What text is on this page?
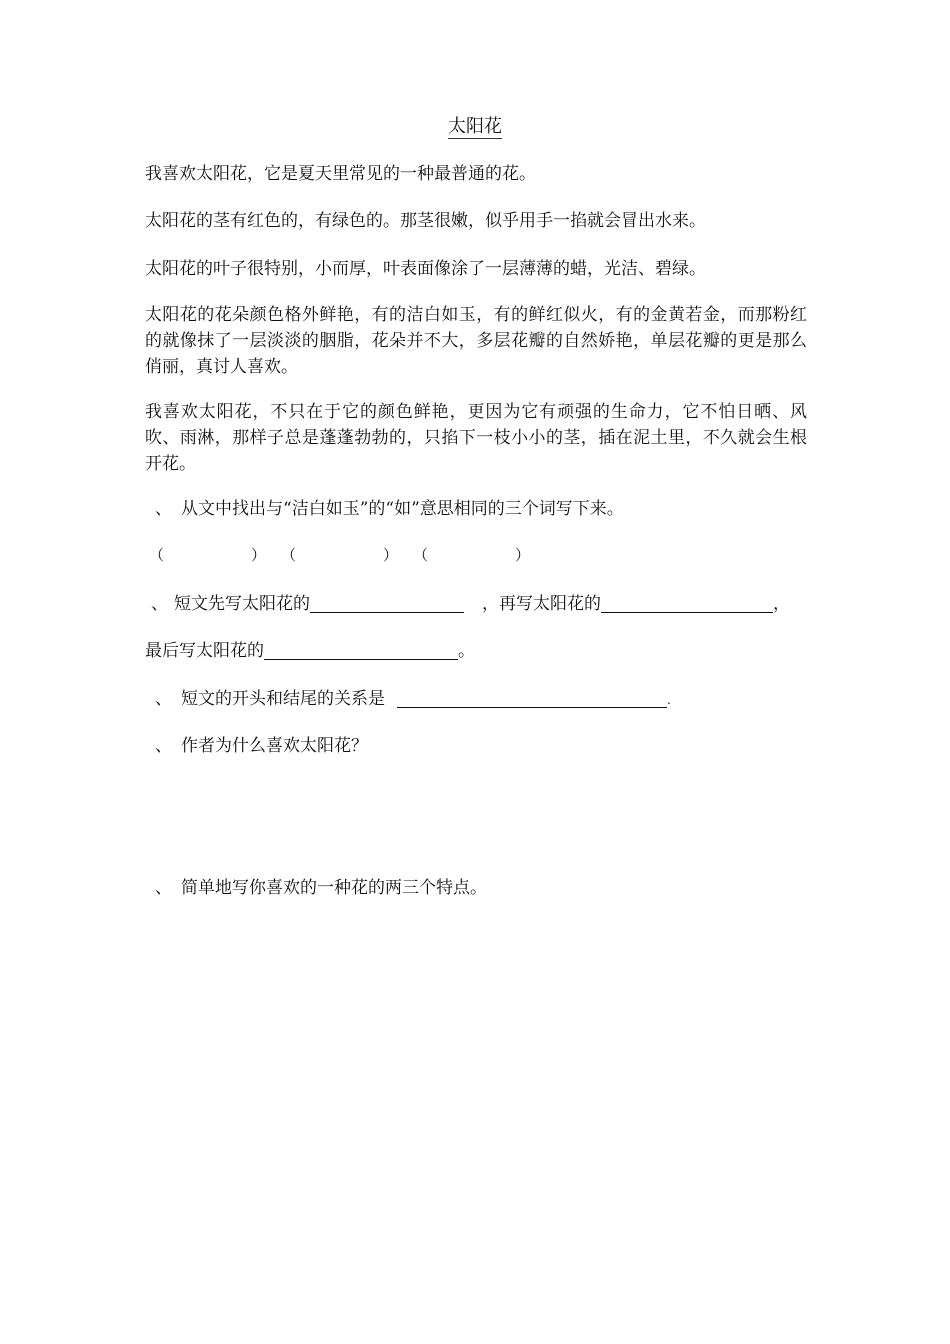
太阳花

我喜欢太阳花，它是夏天里常见的一种最普通的花。

太阳花的茎有红色的，有绿色的。那茎很嫩，似乎用手一掐就会冒出水来。

太阳花的叶子很特别，小而厚，叶表面像涂了一层薄薄的蜡，光洁、碧绿。

太阳花的花朵颜色格外鲜艳，有的洁白如玉，有的鲜红似火，有的金黄若金，而那粉红的就像抹了一层淡淡的胭脂，花朵并不大，多层花瓣的自然娇艳，单层花瓣的更是那么俏丽，真讨人喜欢。

我喜欢太阳花，不只在于它的颜色鲜艳，更因为它有顽强的生命力，它不怕日晒、风吹、雨淋，那样子总是蓬蓬勃勃的，只掐下一枝小小的茎，插在泥土里，不久就会生根开花。

、 从文中找出与“洁白如玉”的“如”意思相同的三个词写下来。
（	） （	） （	）
、 短文先写太阳花的	，再写太阳花的	，
最后写太阳花的	。
、 短文的开头和结尾的关系是	.
、 作者为什么喜欢太阳花？
、 简单地写你喜欢的一种花的两三个特点。
